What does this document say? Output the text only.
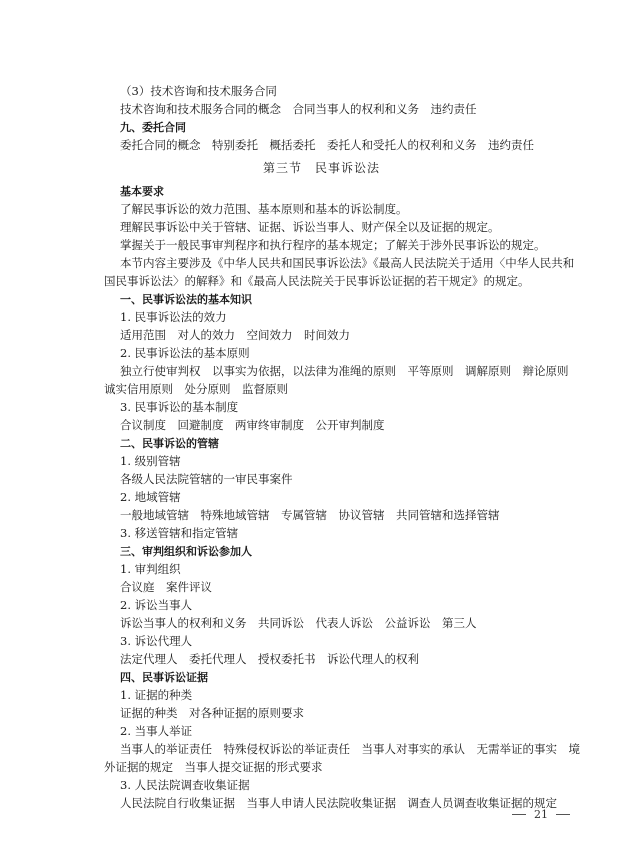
（3）技术咨询和技术服务合同
技术咨询和技术服务合同的概念　合同当事人的权利和义务　违约责任
九、委托合同
委托合同的概念　特别委托　概括委托　委托人和受托人的权利和义务　违约责任
第三节　民事诉讼法
基本要求
了解民事诉讼的效力范围、基本原则和基本的诉讼制度。
理解民事诉讼中关于管辖、证据、诉讼当事人、财产保全以及证据的规定。
掌握关于一般民事审判程序和执行程序的基本规定；了解关于涉外民事诉讼的规定。
本节内容主要涉及《中华人民共和国民事诉讼法》《最高人民法院关于适用〈中华人民共和
国民事诉讼法〉的解释》和《最高人民法院关于民事诉讼证据的若干规定》的规定。
一、民事诉讼法的基本知识
1. 民事诉讼法的效力
适用范围　对人的效力　空间效力　时间效力
2. 民事诉讼法的基本原则
独立行使审判权　以事实为依据，以法律为准绳的原则　平等原则　调解原则　辩论原则
诚实信用原则　处分原则　监督原则
3. 民事诉讼的基本制度
合议制度　回避制度　两审终审制度　公开审判制度
二、民事诉讼的管辖
1. 级别管辖
各级人民法院管辖的一审民事案件
2. 地域管辖
一般地域管辖　特殊地域管辖　专属管辖　协议管辖　共同管辖和选择管辖
3. 移送管辖和指定管辖
三、审判组织和诉讼参加人
1. 审判组织
合议庭　案件评议
2. 诉讼当事人
诉讼当事人的权利和义务　共同诉讼　代表人诉讼　公益诉讼　第三人
3. 诉讼代理人
法定代理人　委托代理人　授权委托书　诉讼代理人的权利
四、民事诉讼证据
1. 证据的种类
证据的种类　对各种证据的原则要求
2. 当事人举证
当事人的举证责任　特殊侵权诉讼的举证责任　当事人对事实的承认　无需举证的事实　境
外证据的规定　当事人提交证据的形式要求
3. 人民法院调查收集证据
人民法院自行收集证据　当事人申请人民法院收集证据　调查人员调查收集证据的规定
21
